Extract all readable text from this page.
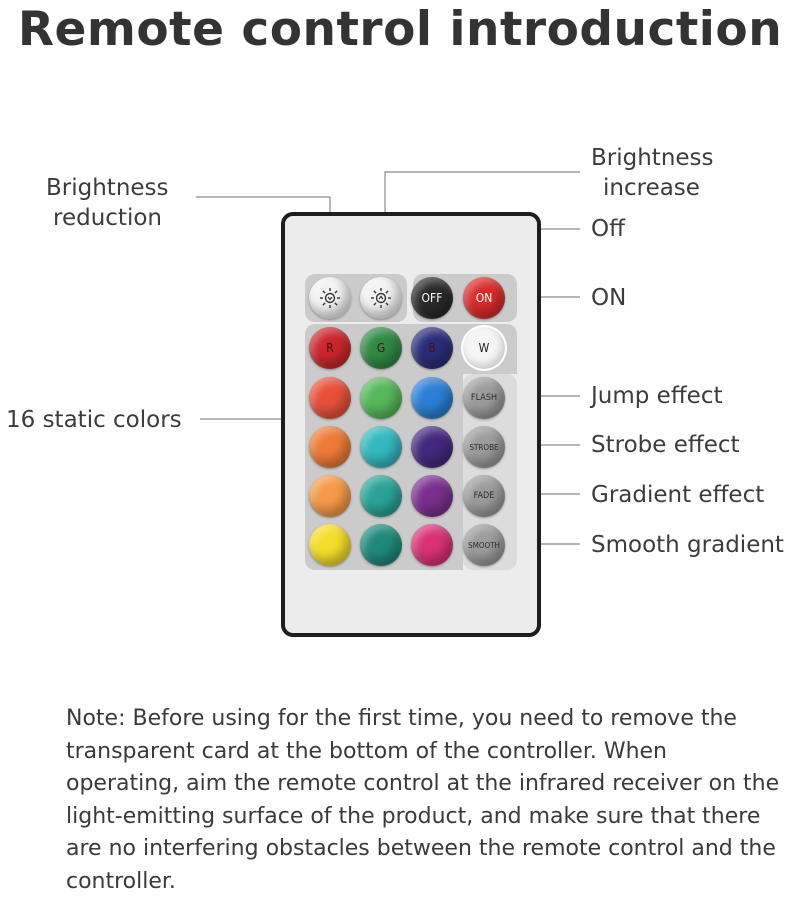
Remote control introduction
Brightness
reduction
Brightness
increase
Off
ON
16 static colors
Jump effect
Strobe effect
Gradient effect
Smooth gradient
OFF	ON
R	G	B	W
FLASH
STROBE
FADE
SMOOTH
Note: Before using for the first time, you need to remove the transparent card at the bottom of the controller. When operating, aim the remote control at the infrared receiver on the light-emitting surface of the product, and make sure that there are no interfering obstacles between the remote control and the controller.
